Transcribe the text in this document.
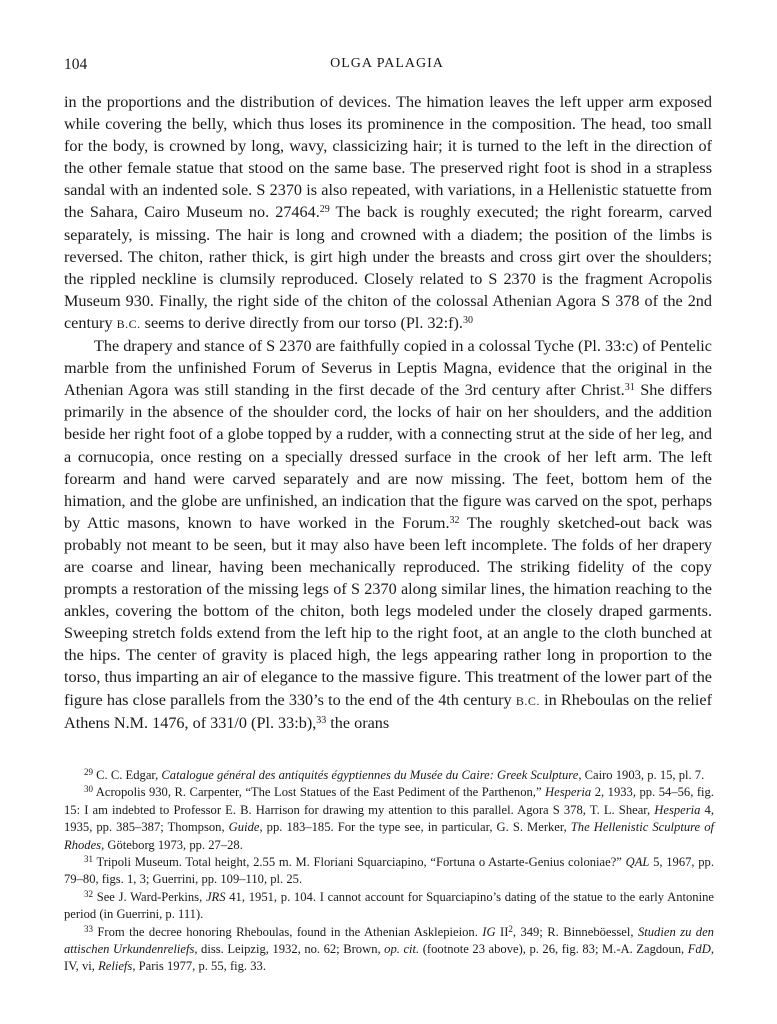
104	OLGA PALAGIA

in the proportions and the distribution of devices. The himation leaves the left upper arm exposed while covering the belly, which thus loses its prominence in the composition. The head, too small for the body, is crowned by long, wavy, classicizing hair; it is turned to the left in the direction of the other female statue that stood on the same base. The preserved right foot is shod in a strapless sandal with an indented sole. S 2370 is also repeated, with variations, in a Hellenistic statuette from the Sahara, Cairo Museum no. 27464.29 The back is roughly executed; the right forearm, carved separately, is missing. The hair is long and crowned with a diadem; the position of the limbs is reversed. The chiton, rather thick, is girt high under the breasts and cross girt over the shoulders; the rippled neckline is clumsily reproduced. Closely related to S 2370 is the fragment Acropolis Museum 930. Finally, the right side of the chiton of the colossal Athenian Agora S 378 of the 2nd century B.C. seems to derive directly from our torso (Pl. 32:f).$^{30}$

The drapery and stance of S 2370 are faithfully copied in a colossal Tyche (Pl. 33:c) of Pentelic marble from the unfinished Forum of Severus in Leptis Magna, evidence that the original in the Athenian Agora was still standing in the first decade of the 3rd century after Christ.$^{31}$ She differs primarily in the absence of the shoulder cord, the locks of hair on her shoulders, and the addition beside her right foot of a globe topped by a rudder, with a connecting strut at the side of her leg, and a cornucopia, once resting on a specially dressed surface in the crook of her left arm. The left forearm and hand were carved separately and are now missing. The feet, bottom hem of the himation, and the globe are unfinished, an indication that the figure was carved on the spot, perhaps by Attic masons, known to have worked in the Forum.$^{32}$ The roughly sketched-out back was probably not meant to be seen, but it may also have been left incomplete. The folds of her drapery are coarse and linear, having been mechanically reproduced. The striking fidelity of the copy prompts a restoration of the missing legs of S 2370 along similar lines, the himation reaching to the ankles, covering the bottom of the chiton, both legs modeled under the closely draped garments. Sweeping stretch folds extend from the left hip to the right foot, at an angle to the cloth bunched at the hips. The center of gravity is placed high, the legs appearing rather long in proportion to the torso, thus imparting an air of elegance to the massive figure. This treatment of the lower part of the figure has close parallels from the 330’s to the end of the 4th century B.C. in Rheboulas on the relief Athens N.M. 1476, of 331/0 (Pl. 33:b),$^{33}$ the orans

$^{29}$ C. C. Edgar, Catalogue général des antiquités égyptiennes du Musée du Caire: Greek Sculpture, Cairo 1903, p. 15, pl. 7.

$^{30}$ Acropolis 930, R. Carpenter, “The Lost Statues of the East Pediment of the Parthenon,” Hesperia 2, 1933, pp. 54–56, fig. 15: I am indebted to Professor E. B. Harrison for drawing my attention to this parallel. Agora S 378, T. L. Shear, Hesperia 4, 1935, pp. 385–387; Thompson, Guide, pp. 183–185. For the type see, in particular, G. S. Merker, The Hellenistic Sculpture of Rhodes, Göteborg 1973, pp. 27–28.

$^{31}$ Tripoli Museum. Total height, 2.55 m. M. Floriani Squarciapino, “Fortuna o Astarte-Genius coloniae?” QAL 5, 1967, pp. 79–80, figs. 1, 3; Guerrini, pp. 109–110, pl. 25.

$^{32}$ See J. Ward-Perkins, JRS 41, 1951, p. 104. I cannot account for Squarciapino’s dating of the statue to the early Antonine period (in Guerrini, p. 111).

$^{33}$ From the decree honoring Rheboulas, found in the Athenian Asklepieion. IG $II^2$, 349; R. Binneböessel, Studien zu den attischen Urkundenreliefs, diss. Leipzig, 1932, no. 62; Brown, op. cit. (footnote 23 above), p. 26, fig. 83; M.-A. Zagdoun, FdD, IV, vi, Reliefs, Paris 1977, p. 55, fig. 33.
